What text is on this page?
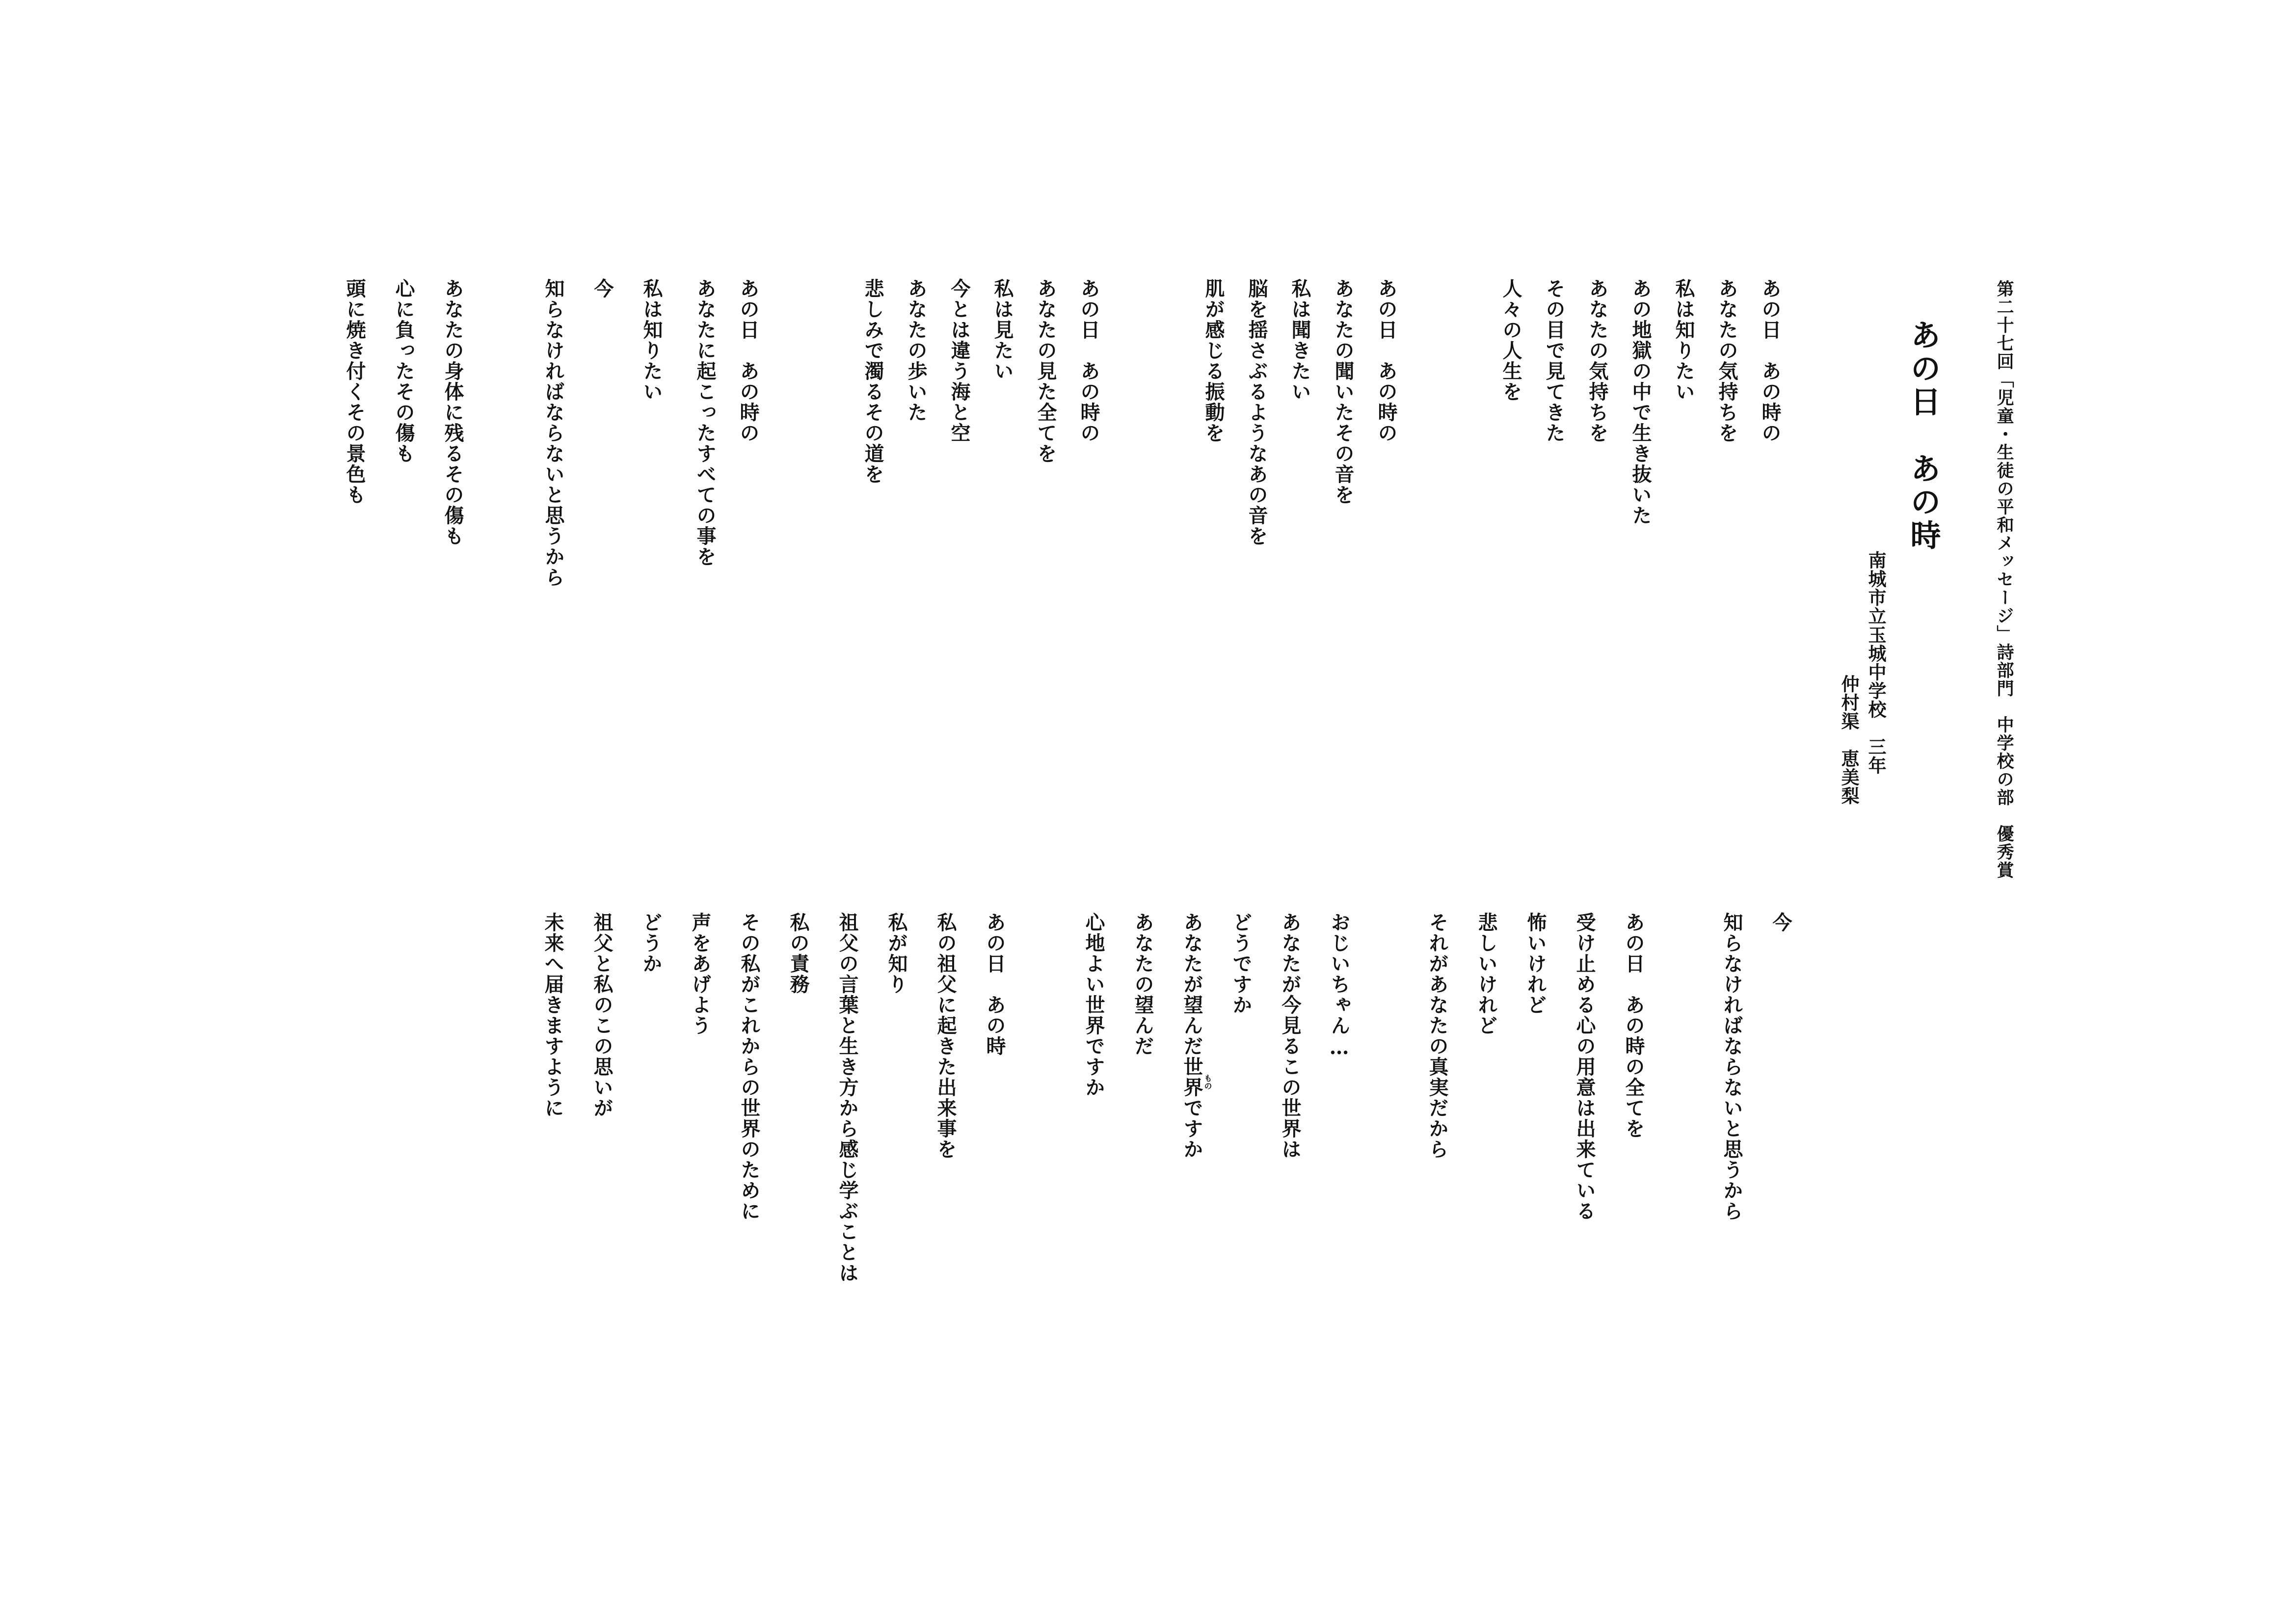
第二十七回「児童・生徒の平和メッセージ」詩部門　中学校の部　優秀賞
あの日　あの時
南城市立玉城中学校　三年
仲村渠　恵美梨
あの日　あの時の
あなたの気持ちを
私は知りたい
あの地獄の中で生き抜いた
あなたの気持ちを
その目で見てきた
人々の人生を
あの日　あの時の
あなたの聞いたその音を
私は聞きたい
脳を揺さぶるようなあの音を
肌が感じる振動を
あの日　あの時の
あなたの見た全てを
私は見たい
今とは違う海と空
あなたの歩いた
悲しみで濁るその道を
あの日　あの時の
あなたに起こったすべての事を
私は知りたい
今
知らなければならないと思うから
あなたの身体に残るその傷も
心に負ったその傷も
頭に焼き付くその景色も
今
知らなければならないと思うから
あの日　あの時の全てを
受け止める心の用意は出来ている
怖いけれど
悲しいけれど
それがあなたの真実だから
おじいちゃん…
あなたが今見るこの世界は
どうですか
あなたが望んだ世界ですか もの
あなたの望んだ
心地よい世界ですか
あの日　あの時
私の祖父に起きた出来事を
私が知り
祖父の言葉と生き方から感じ学ぶことは
私の責務
その私がこれからの世界のために
声をあげよう
どうか
祖父と私のこの思いが
未来へ届きますように
